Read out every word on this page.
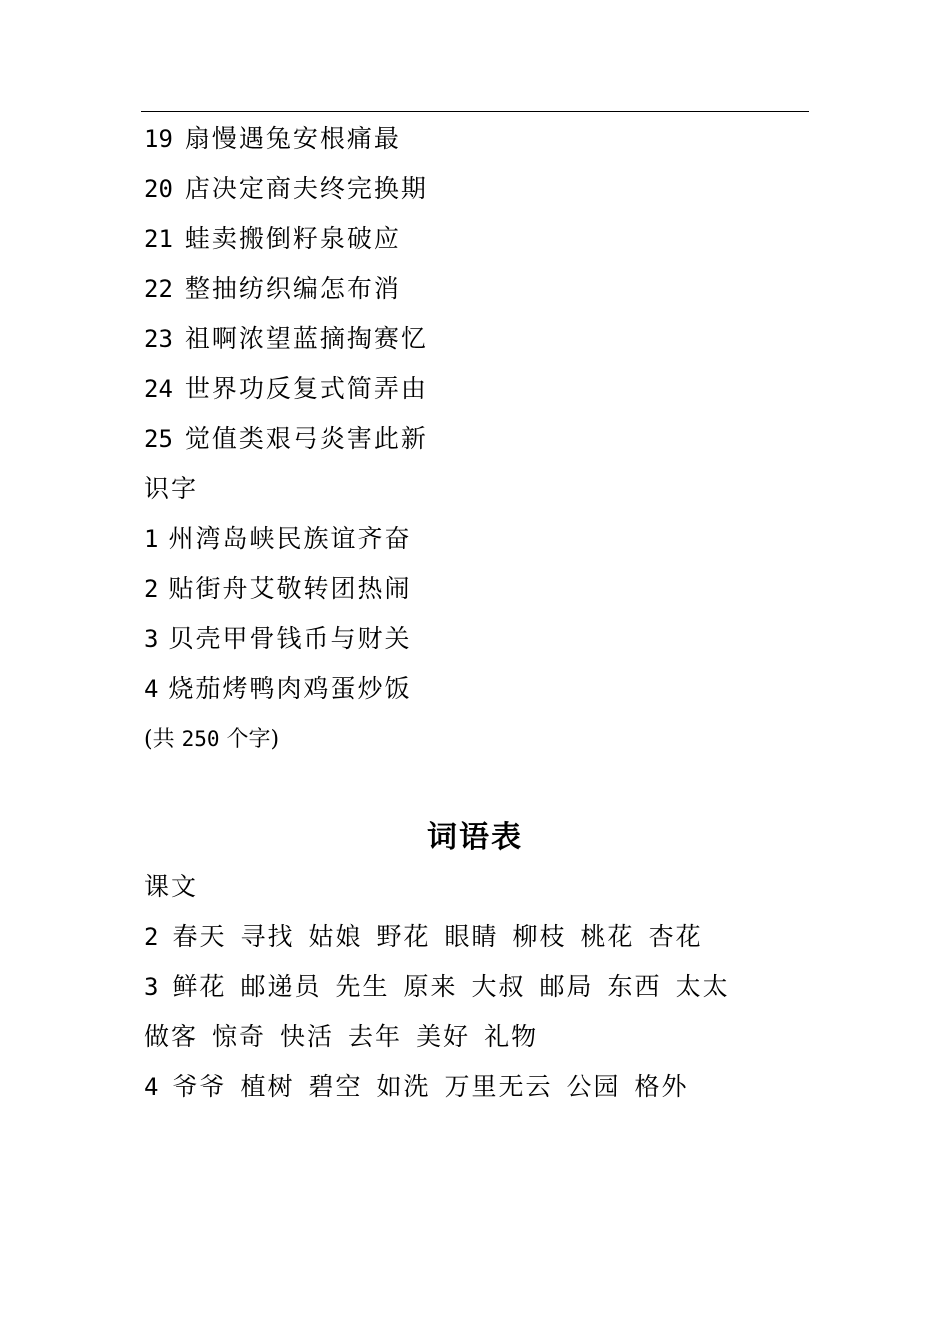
19 扇慢遇兔安根痛最
20 店决定商夫终完换期
21 蛙卖搬倒籽泉破应
22 整抽纺织编怎布消
23 祖啊浓望蓝摘掏赛忆
24 世界功反复式简弄由
25 觉值类艰弓炎害此新
识字
1 州湾岛峡民族谊齐奋
2 贴街舟艾敬转团热闹
3 贝壳甲骨钱币与财关
4 烧茄烤鸭肉鸡蛋炒饭
(共 250 个字)
词语表
课文
2 春天 寻找 姑娘 野花 眼睛 柳枝 桃花 杏花
3 鲜花 邮递员 先生 原来 大叔 邮局 东西 太太
做客 惊奇 快活 去年 美好 礼物
4 爷爷 植树 碧空 如洗 万里无云 公园 格外
